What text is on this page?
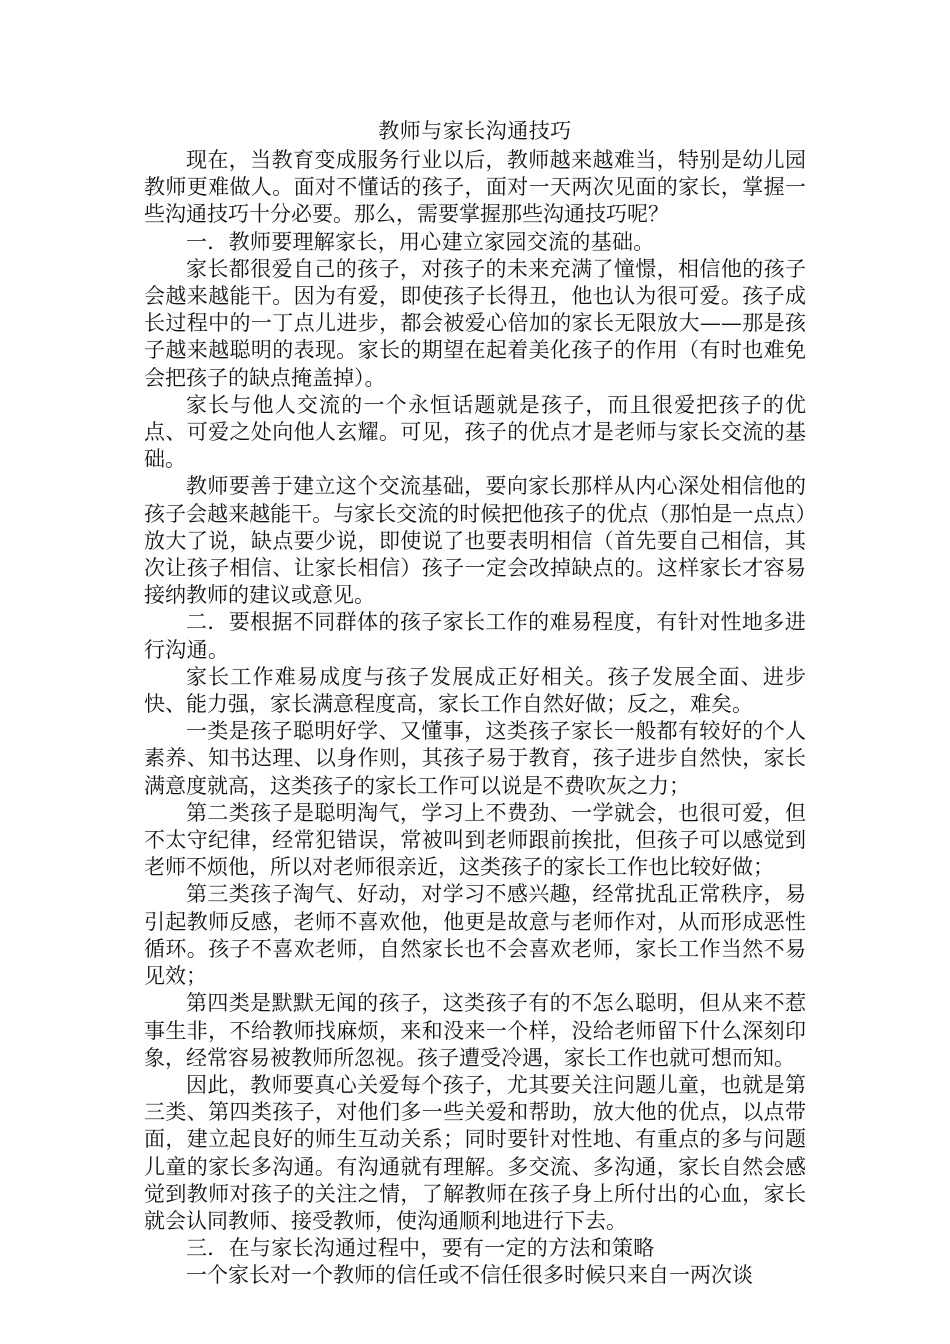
教师与家长沟通技巧

现在，当教育变成服务行业以后，教师越来越难当，特别是幼儿园教师更难做人。面对不懂话的孩子，面对一天两次见面的家长，掌握一些沟通技巧十分必要。那么，需要掌握那些沟通技巧呢？

一．教师要理解家长，用心建立家园交流的基础。

家长都很爱自己的孩子，对孩子的未来充满了憧憬，相信他的孩子会越来越能干。因为有爱，即使孩子长得丑，他也认为很可爱。孩子成长过程中的一丁点儿进步，都会被爱心倍加的家长无限放大——那是孩子越来越聪明的表现。家长的期望在起着美化孩子的作用（有时也难免会把孩子的缺点掩盖掉）。

家长与他人交流的一个永恒话题就是孩子，而且很爱把孩子的优点、可爱之处向他人玄耀。可见，孩子的优点才是老师与家长交流的基础。

教师要善于建立这个交流基础，要向家长那样从内心深处相信他的孩子会越来越能干。与家长交流的时候把他孩子的优点（那怕是一点点）放大了说，缺点要少说，即使说了也要表明相信（首先要自己相信，其次让孩子相信、让家长相信）孩子一定会改掉缺点的。这样家长才容易接纳教师的建议或意见。

二．要根据不同群体的孩子家长工作的难易程度，有针对性地多进行沟通。

家长工作难易成度与孩子发展成正好相关。孩子发展全面、进步快、能力强，家长满意程度高，家长工作自然好做；反之，难矣。

一类是孩子聪明好学、又懂事，这类孩子家长一般都有较好的个人素养、知书达理、以身作则，其孩子易于教育，孩子进步自然快，家长满意度就高，这类孩子的家长工作可以说是不费吹灰之力；

第二类孩子是聪明淘气，学习上不费劲、一学就会，也很可爱，但不太守纪律，经常犯错误，常被叫到老师跟前挨批，但孩子可以感觉到老师不烦他，所以对老师很亲近，这类孩子的家长工作也比较好做；

第三类孩子淘气、好动，对学习不感兴趣，经常扰乱正常秩序，易引起教师反感，老师不喜欢他，他更是故意与老师作对，从而形成恶性循环。孩子不喜欢老师，自然家长也不会喜欢老师，家长工作当然不易见效；

第四类是默默无闻的孩子，这类孩子有的不怎么聪明，但从来不惹事生非，不给教师找麻烦，来和没来一个样，没给老师留下什么深刻印象，经常容易被教师所忽视。孩子遭受冷遇，家长工作也就可想而知。

因此，教师要真心关爱每个孩子，尤其要关注问题儿童，也就是第三类、第四类孩子，对他们多一些关爱和帮助，放大他的优点，以点带面，建立起良好的师生互动关系；同时要针对性地、有重点的多与问题儿童的家长多沟通。有沟通就有理解。多交流、多沟通，家长自然会感觉到教师对孩子的关注之情，了解教师在孩子身上所付出的心血，家长就会认同教师、接受教师，使沟通顺利地进行下去。

三．在与家长沟通过程中，要有一定的方法和策略

一个家长对一个教师的信任或不信任很多时候只来自一两次谈
